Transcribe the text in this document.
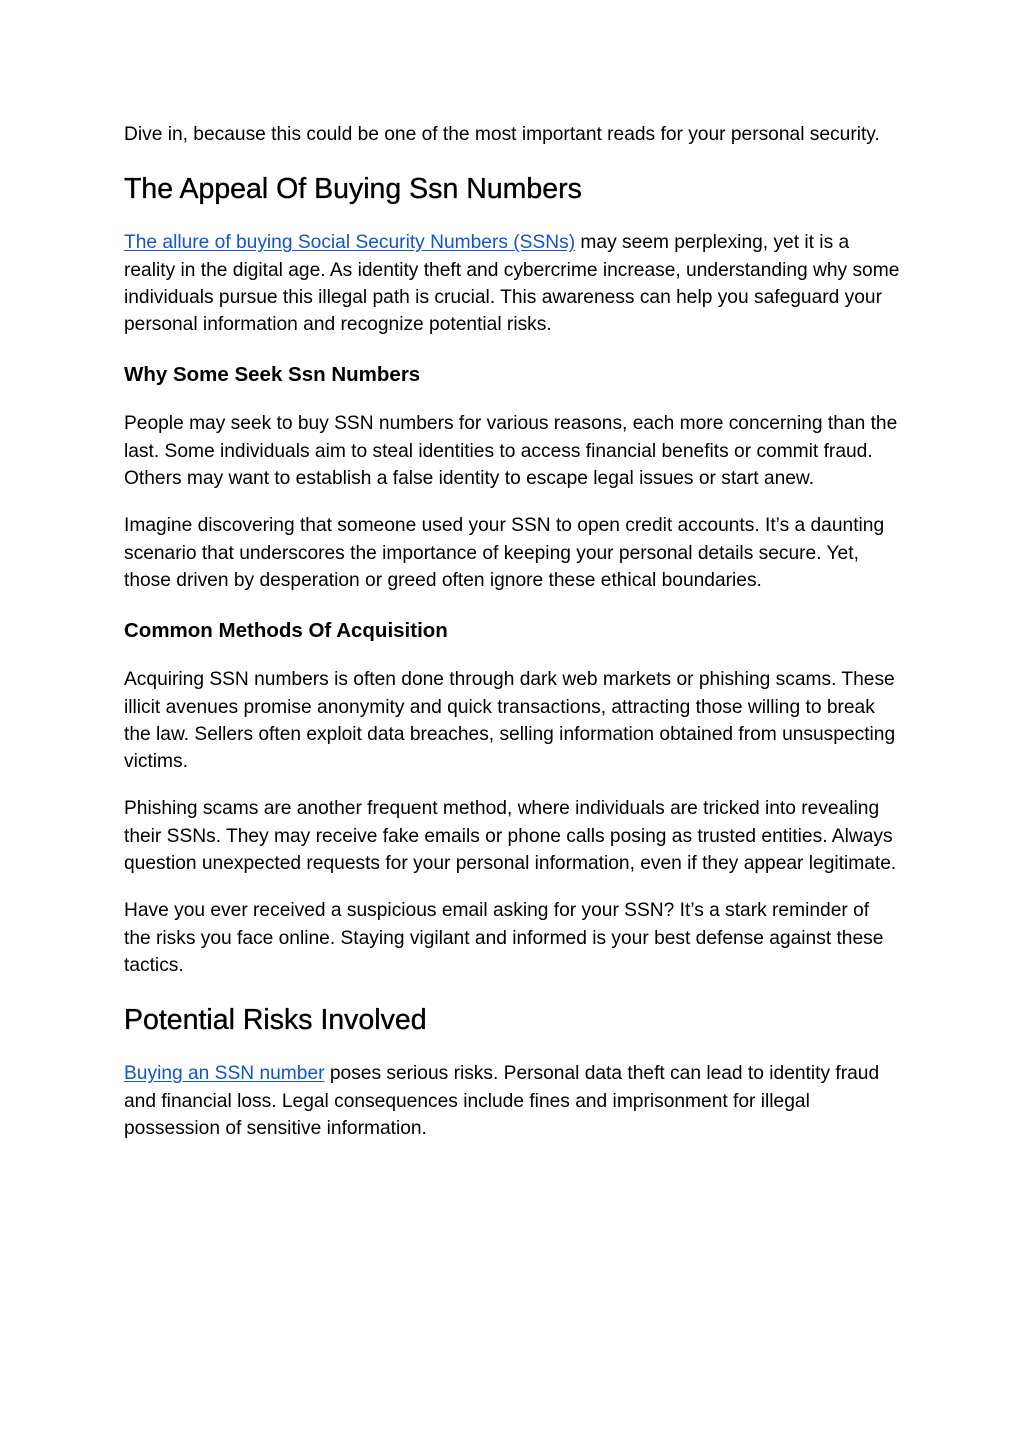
Dive in, because this could be one of the most important reads for your personal security.

The Appeal Of Buying Ssn Numbers

The allure of buying Social Security Numbers (SSNs) may seem perplexing, yet it is a reality in the digital age. As identity theft and cybercrime increase, understanding why some individuals pursue this illegal path is crucial. This awareness can help you safeguard your personal information and recognize potential risks.

Why Some Seek Ssn Numbers

People may seek to buy SSN numbers for various reasons, each more concerning than the last. Some individuals aim to steal identities to access financial benefits or commit fraud. Others may want to establish a false identity to escape legal issues or start anew.

Imagine discovering that someone used your SSN to open credit accounts. It’s a daunting scenario that underscores the importance of keeping your personal details secure. Yet, those driven by desperation or greed often ignore these ethical boundaries.

Common Methods Of Acquisition

Acquiring SSN numbers is often done through dark web markets or phishing scams. These illicit avenues promise anonymity and quick transactions, attracting those willing to break the law. Sellers often exploit data breaches, selling information obtained from unsuspecting victims.

Phishing scams are another frequent method, where individuals are tricked into revealing their SSNs. They may receive fake emails or phone calls posing as trusted entities. Always question unexpected requests for your personal information, even if they appear legitimate.

Have you ever received a suspicious email asking for your SSN? It’s a stark reminder of the risks you face online. Staying vigilant and informed is your best defense against these tactics.

Potential Risks Involved

Buying an SSN number poses serious risks. Personal data theft can lead to identity fraud and financial loss. Legal consequences include fines and imprisonment for illegal possession of sensitive information.
